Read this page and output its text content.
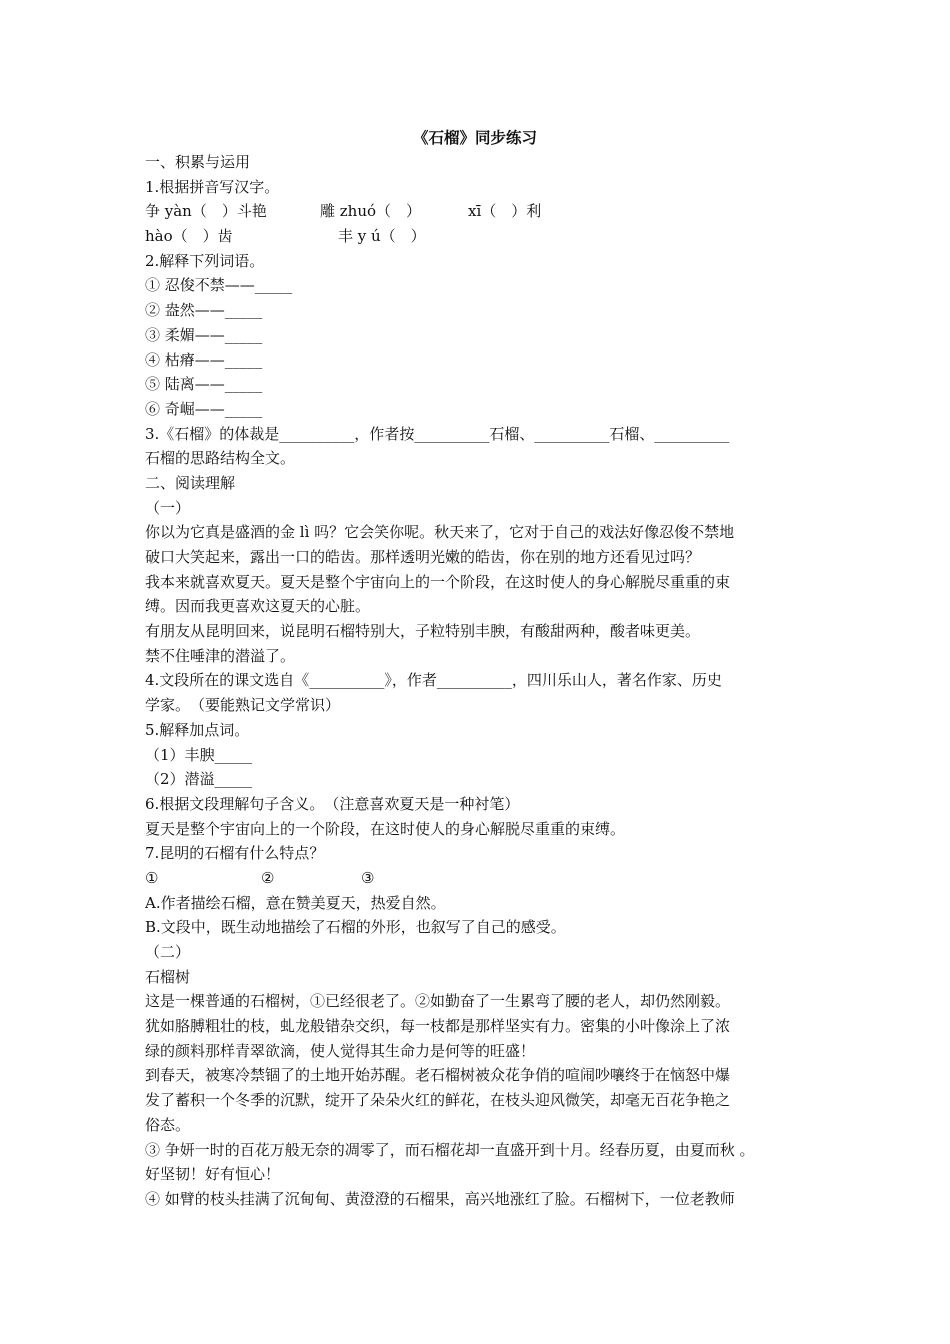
《石榴》同步练习
一、积累与运用
1.根据拼音写汉字。
争 yàn（　）斗艳	雕 zhuó（　）	xī（　）利
hào（　）齿	丰 y ú（　）
2.解释下列词语。
① 忍俊不禁——_____
② 盎然——_____
③ 柔媚——_____
④ 枯瘠——_____
⑤ 陆离——_____
⑥ 奇崛——_____
3.《石榴》的体裁是__________，作者按__________石榴、__________石榴、__________
石榴的思路结构全文。
二、阅读理解
（一）
你以为它真是盛酒的金 lì 吗？它会笑你呢。秋天来了，它对于自己的戏法好像忍俊不禁地
破口大笑起来，露出一口的皓齿。那样透明光嫩的皓齿，你在别的地方还看见过吗？
我本来就喜欢夏天。夏天是整个宇宙向上的一个阶段，在这时使人的身心解脱尽重重的束
缚。因而我更喜欢这夏天的心脏。
有朋友从昆明回来，说昆明石榴特别大，子粒特别丰腴，有酸甜两种，酸者味更美。
禁不住唾津的潜溢了。
4.文段所在的课文选自《__________》，作者__________，四川乐山人，著名作家、历史
学家。　（要能熟记文学常识）
5.解释加点词。
（1）丰腴_____
（2）潜溢_____
6.根据文段理解句子含义。　（注意喜欢夏天是一种衬笔）
夏天是整个宇宙向上的一个阶段，在这时使人的身心解脱尽重重的束缚。
7.昆明的石榴有什么特点？
①	②	③
A.作者描绘石榴，意在赞美夏天，热爱自然。
B.文段中，既生动地描绘了石榴的外形，也叙写了自己的感受。
（二）
石榴树
这是一棵普通的石榴树，①已经很老了。②如勤奋了一生累弯了腰的老人，却仍然刚毅。
犹如胳膊粗壮的枝，虬龙般错杂交织，每一枝都是那样坚实有力。密集的小叶像涂上了浓
绿的颜料那样青翠欲滴，使人觉得其生命力是何等的旺盛！
到春天，被寒冷禁锢了的土地开始苏醒。老石榴树被众花争俏的喧闹吵嚷终于在恼怒中爆
发了蓄积一个冬季的沉默，绽开了朵朵火红的鲜花，在枝头迎风微笑，却毫无百花争艳之
俗态。
③ 争妍一时的百花万般无奈的凋零了，而石榴花却一直盛开到十月。经春历夏，由夏而秋 。
好坚韧！好有恒心！
④ 如臂的枝头挂满了沉甸甸、黄澄澄的石榴果，高兴地涨红了脸。石榴树下，一位老教师
